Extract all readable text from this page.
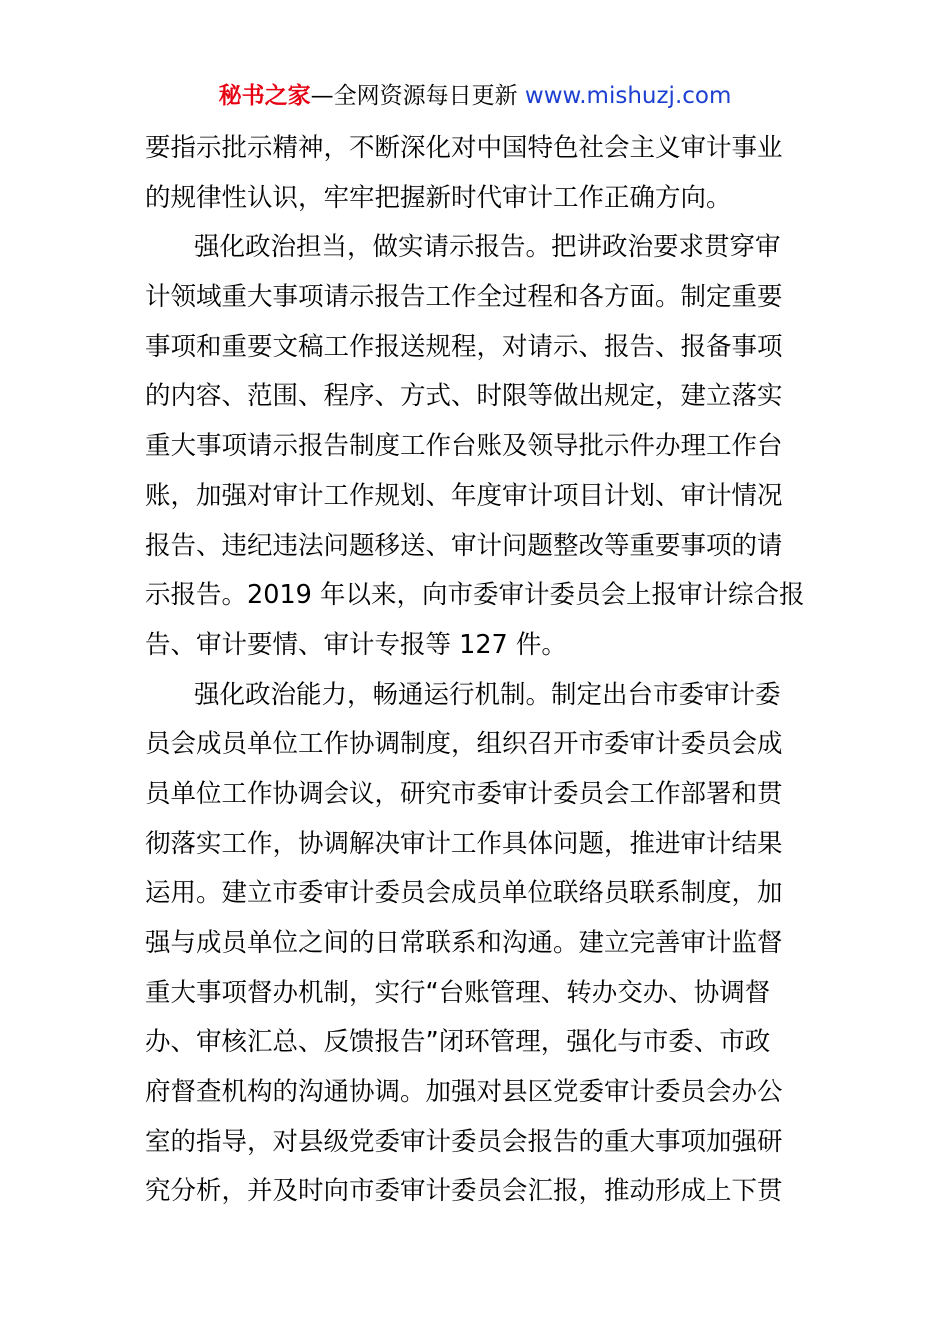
秘书之家—全网资源每日更新 www.mishuzj.com
要指示批示精神，不断深化对中国特色社会主义审计事业
的规律性认识，牢牢把握新时代审计工作正确方向。
强化政治担当，做实请示报告。把讲政治要求贯穿审
计领域重大事项请示报告工作全过程和各方面。制定重要
事项和重要文稿工作报送规程，对请示、报告、报备事项
的内容、范围、程序、方式、时限等做出规定，建立落实
重大事项请示报告制度工作台账及领导批示件办理工作台
账，加强对审计工作规划、年度审计项目计划、审计情况
报告、违纪违法问题移送、审计问题整改等重要事项的请
示报告。2019 年以来，向市委审计委员会上报审计综合报
告、审计要情、审计专报等 127 件。
强化政治能力，畅通运行机制。制定出台市委审计委
员会成员单位工作协调制度，组织召开市委审计委员会成
员单位工作协调会议，研究市委审计委员会工作部署和贯
彻落实工作，协调解决审计工作具体问题，推进审计结果
运用。建立市委审计委员会成员单位联络员联系制度，加
强与成员单位之间的日常联系和沟通。建立完善审计监督
重大事项督办机制，实行“台账管理、转办交办、协调督
办、审核汇总、反馈报告”闭环管理，强化与市委、市政
府督查机构的沟通协调。加强对县区党委审计委员会办公
室的指导，对县级党委审计委员会报告的重大事项加强研
究分析，并及时向市委审计委员会汇报，推动形成上下贯
